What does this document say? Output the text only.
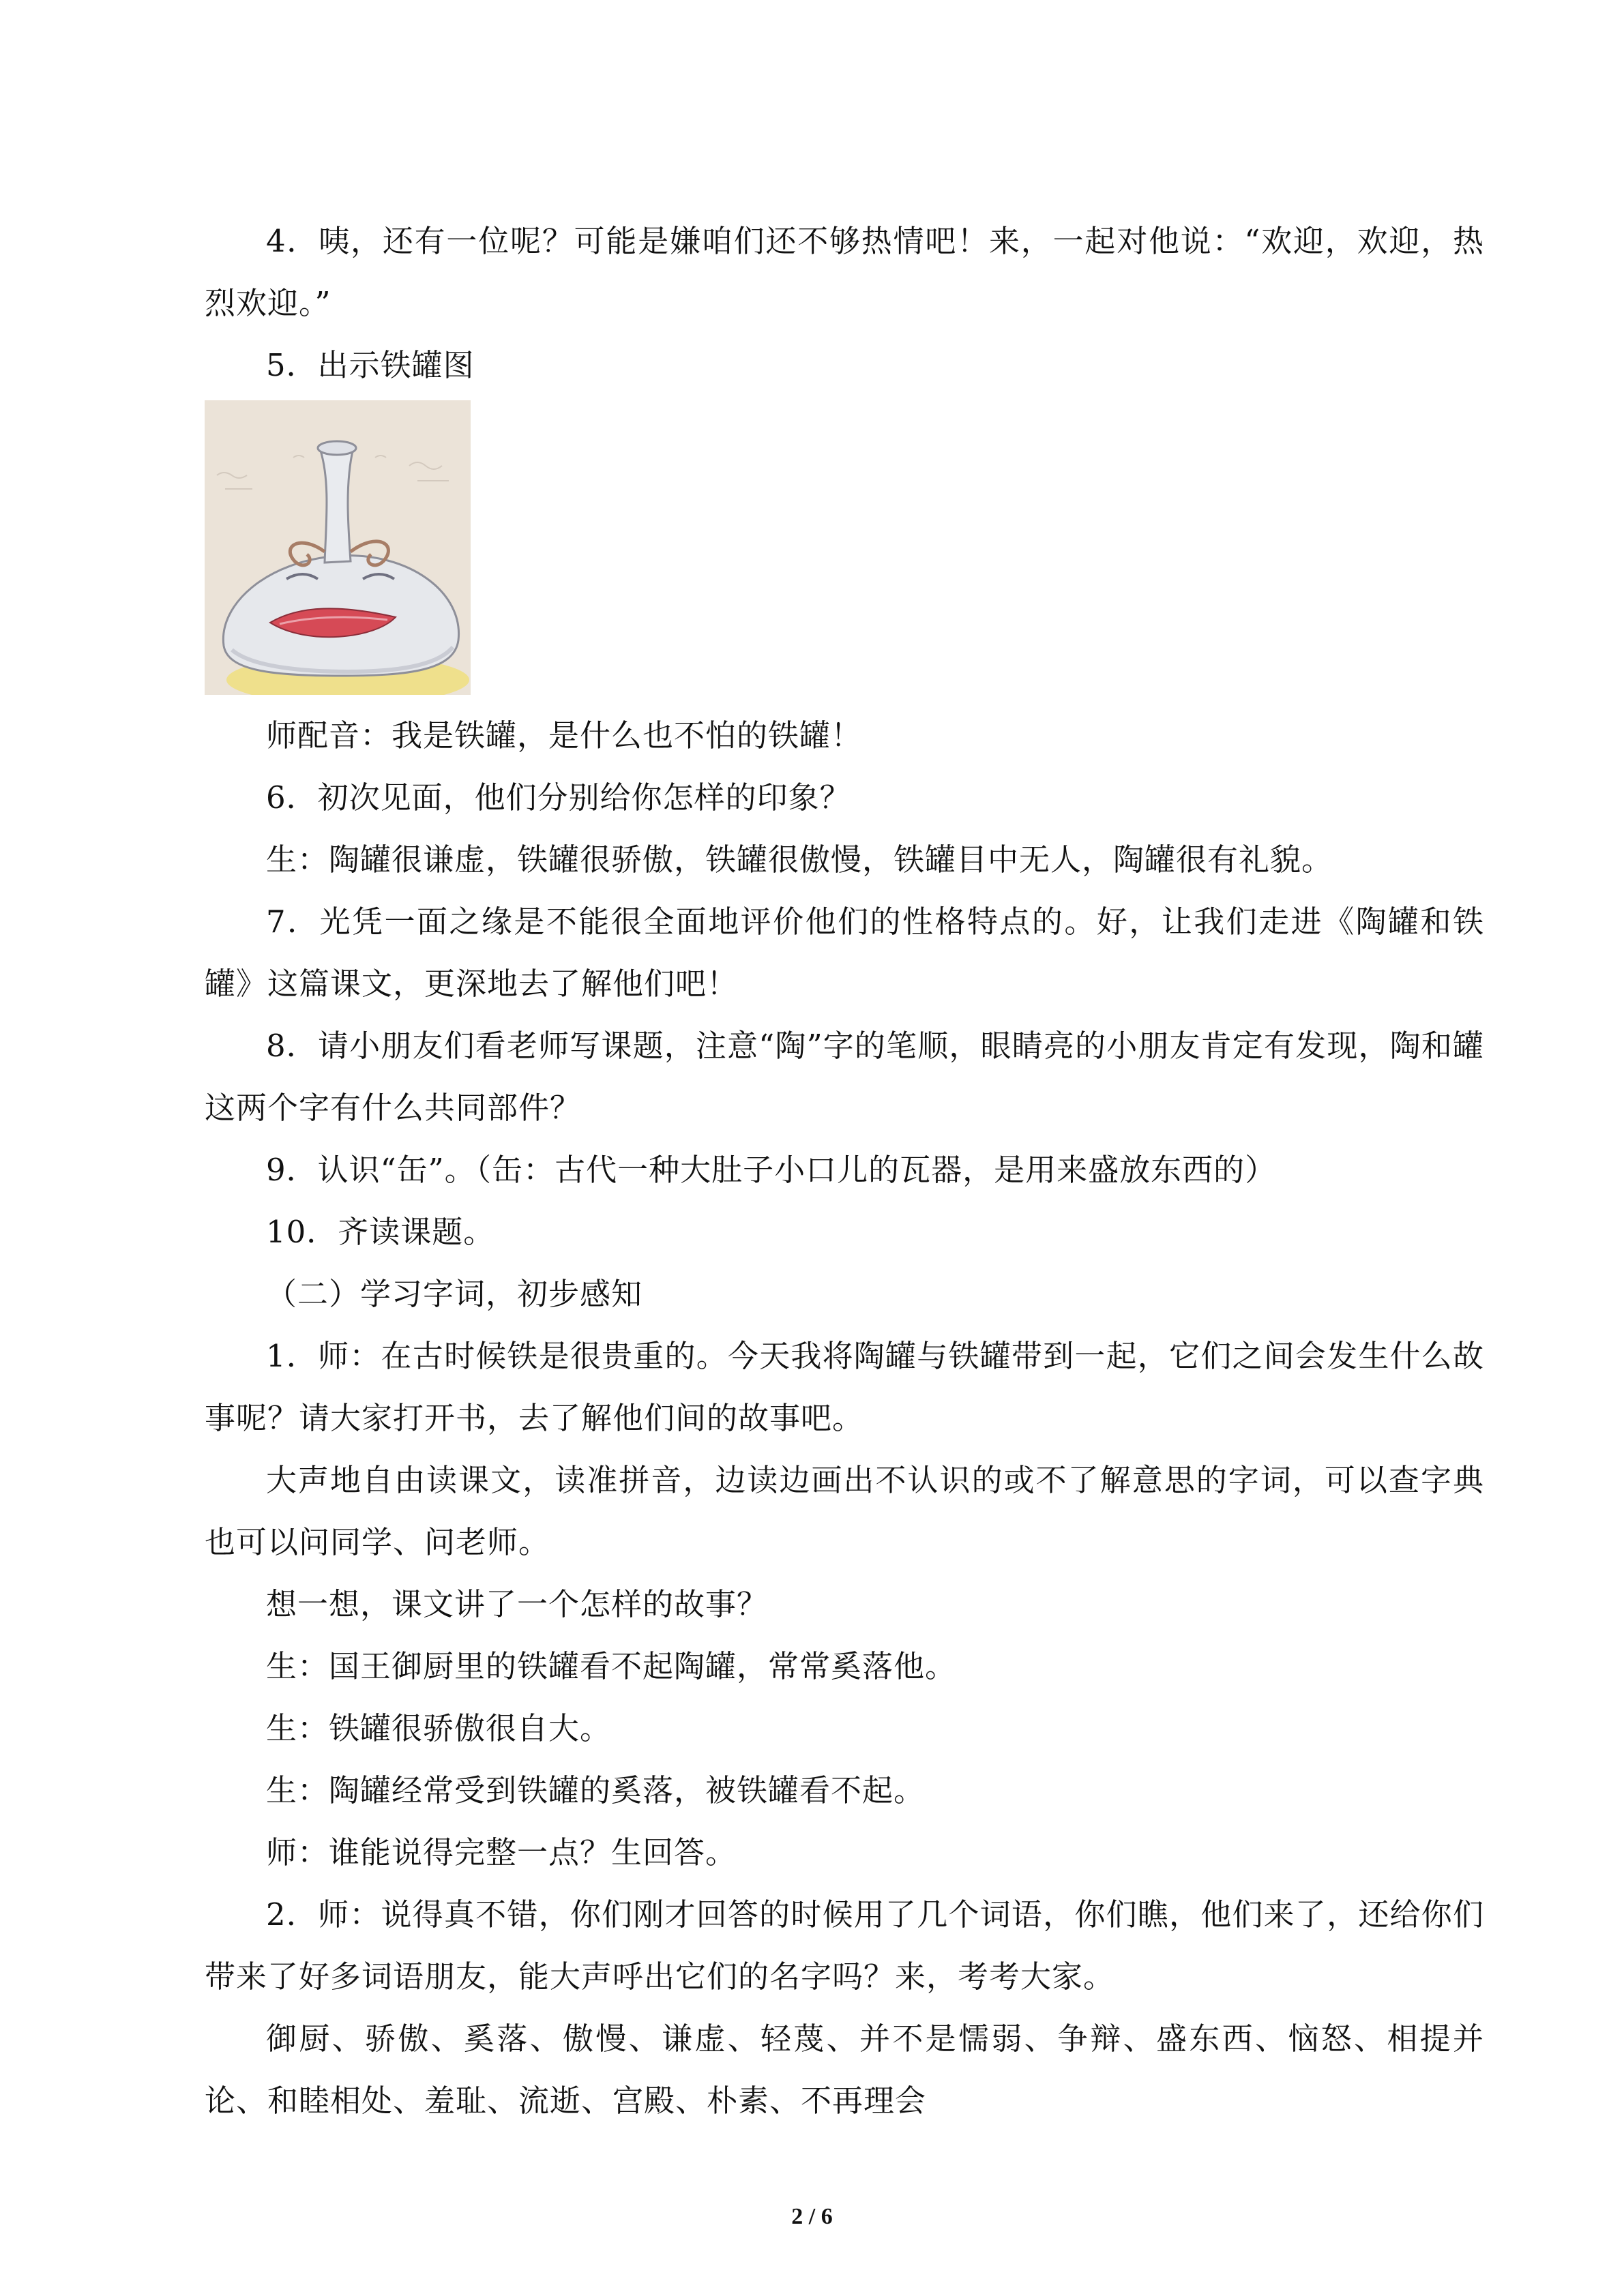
4．咦，还有一位呢？可能是嫌咱们还不够热情吧！来，一起对他说：“欢迎，欢迎，热烈欢迎。”

5．出示铁罐图

师配音：我是铁罐，是什么也不怕的铁罐！

6．初次见面，他们分别给你怎样的印象？

生：陶罐很谦虚，铁罐很骄傲，铁罐很傲慢，铁罐目中无人，陶罐很有礼貌。

7．光凭一面之缘是不能很全面地评价他们的性格特点的。好，让我们走进《陶罐和铁罐》这篇课文，更深地去了解他们吧！

8．请小朋友们看老师写课题，注意“陶”字的笔顺，眼睛亮的小朋友肯定有发现，陶和罐这两个字有什么共同部件？

9．认识“缶”。（缶：古代一种大肚子小口儿的瓦器，是用来盛放东西的）

10．齐读课题。

（二）学习字词，初步感知

1．师：在古时候铁是很贵重的。今天我将陶罐与铁罐带到一起，它们之间会发生什么故事呢？请大家打开书，去了解他们间的故事吧。

大声地自由读课文，读准拼音，边读边画出不认识的或不了解意思的字词，可以查字典也可以问同学、问老师。

想一想，课文讲了一个怎样的故事？

生：国王御厨里的铁罐看不起陶罐，常常奚落他。

生：铁罐很骄傲很自大。

生：陶罐经常受到铁罐的奚落，被铁罐看不起。

师：谁能说得完整一点？生回答。

2．师：说得真不错，你们刚才回答的时候用了几个词语，你们瞧，他们来了，还给你们带来了好多词语朋友，能大声呼出它们的名字吗？来，考考大家。

御厨、骄傲、奚落、傲慢、谦虚、轻蔑、并不是懦弱、争辩、盛东西、恼怒、相提并论、和睦相处、羞耻、流逝、宫殿、朴素、不再理会

2 / 6
